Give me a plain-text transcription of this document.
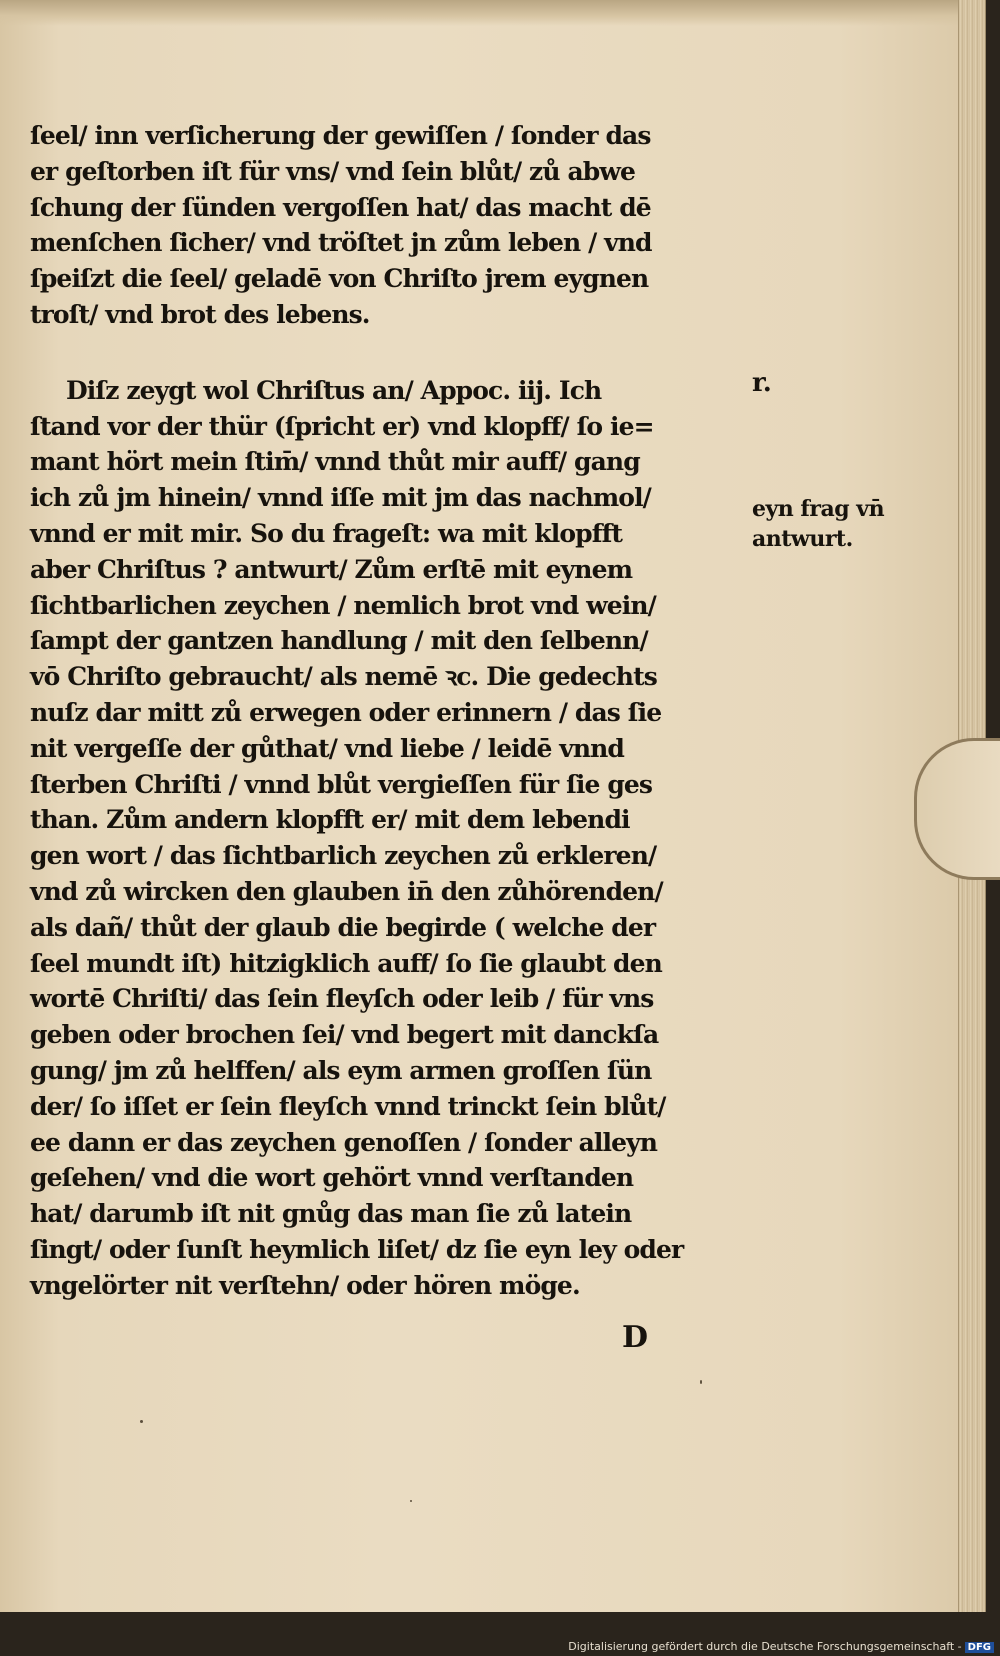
ſeel/ inn verſicherung der gewiſſen / ſonder das
er geſtorben iſt für vns/ vnd ſein blůt/ zů abwe
ſchung der ſünden vergoſſen hat/ das macht dē
menſchen ſicher/ vnd tröſtet jn zům leben / vnd
ſpeiſzt die ſeel/ geladē von Chriſto jrem eygnen
troſt/ vnd brot des lebens.
Diſz zeygt wol Chriſtus an/ Appoc. iij. Ich
ſtand vor der thür (ſpricht er) vnd klopff/ ſo ie=
mant hört mein ſtim̄/ vnnd thůt mir auff/ gang
ich zů jm hinein/ vnnd iſſe mit jm das nachmol/
vnnd er mit mir. So du frageſt: wa mit klopfft
aber Chriſtus ? antwurt/ Zům erſtē mit eynem
ſichtbarlichen zeychen / nemlich brot vnd wein/
ſampt der gantzen handlung / mit den ſelbenn/
vō Chriſto gebraucht/ als nemē ꝛc. Die gedechts
nuſz dar mitt zů erwegen oder erinnern / das ſie
nit vergeſſe der gůthat/ vnd liebe / leidē vnnd
ſterben Chriſti / vnnd blůt vergieſſen für ſie ges
than. Zům andern klopfft er/ mit dem lebendi
gen wort / das ſichtbarlich zeychen zů erkleren/
vnd zů wircken den glauben in̄ den zůhörenden/
als dañ/ thůt der glaub die begirde ( welche der
ſeel mundt iſt) hitzigklich auff/ ſo ſie glaubt den
wortē Chriſti/ das ſein fleyſch oder leib / für vns
geben oder brochen ſei/ vnd begert mit danckſa
gung/ jm zů helffen/ als eym armen groſſen ſün
der/ ſo iſſet er ſein fleyſch vnnd trinckt ſein blůt/
ee dann er das zeychen genoſſen / ſonder alleyn
geſehen/ vnd die wort gehört vnnd verſtanden
hat/ darumb iſt nit gnůg das man ſie zů latein
ſingt/ oder ſunſt heymlich liſet/ dz ſie eyn ley oder
vngelörter nit verſtehn/ oder hören möge.
r.
eyn frag vn̄
antwurt.
D
Digitalisierung gefördert durch die Deutsche Forschungsgemeinschaft - DFG
